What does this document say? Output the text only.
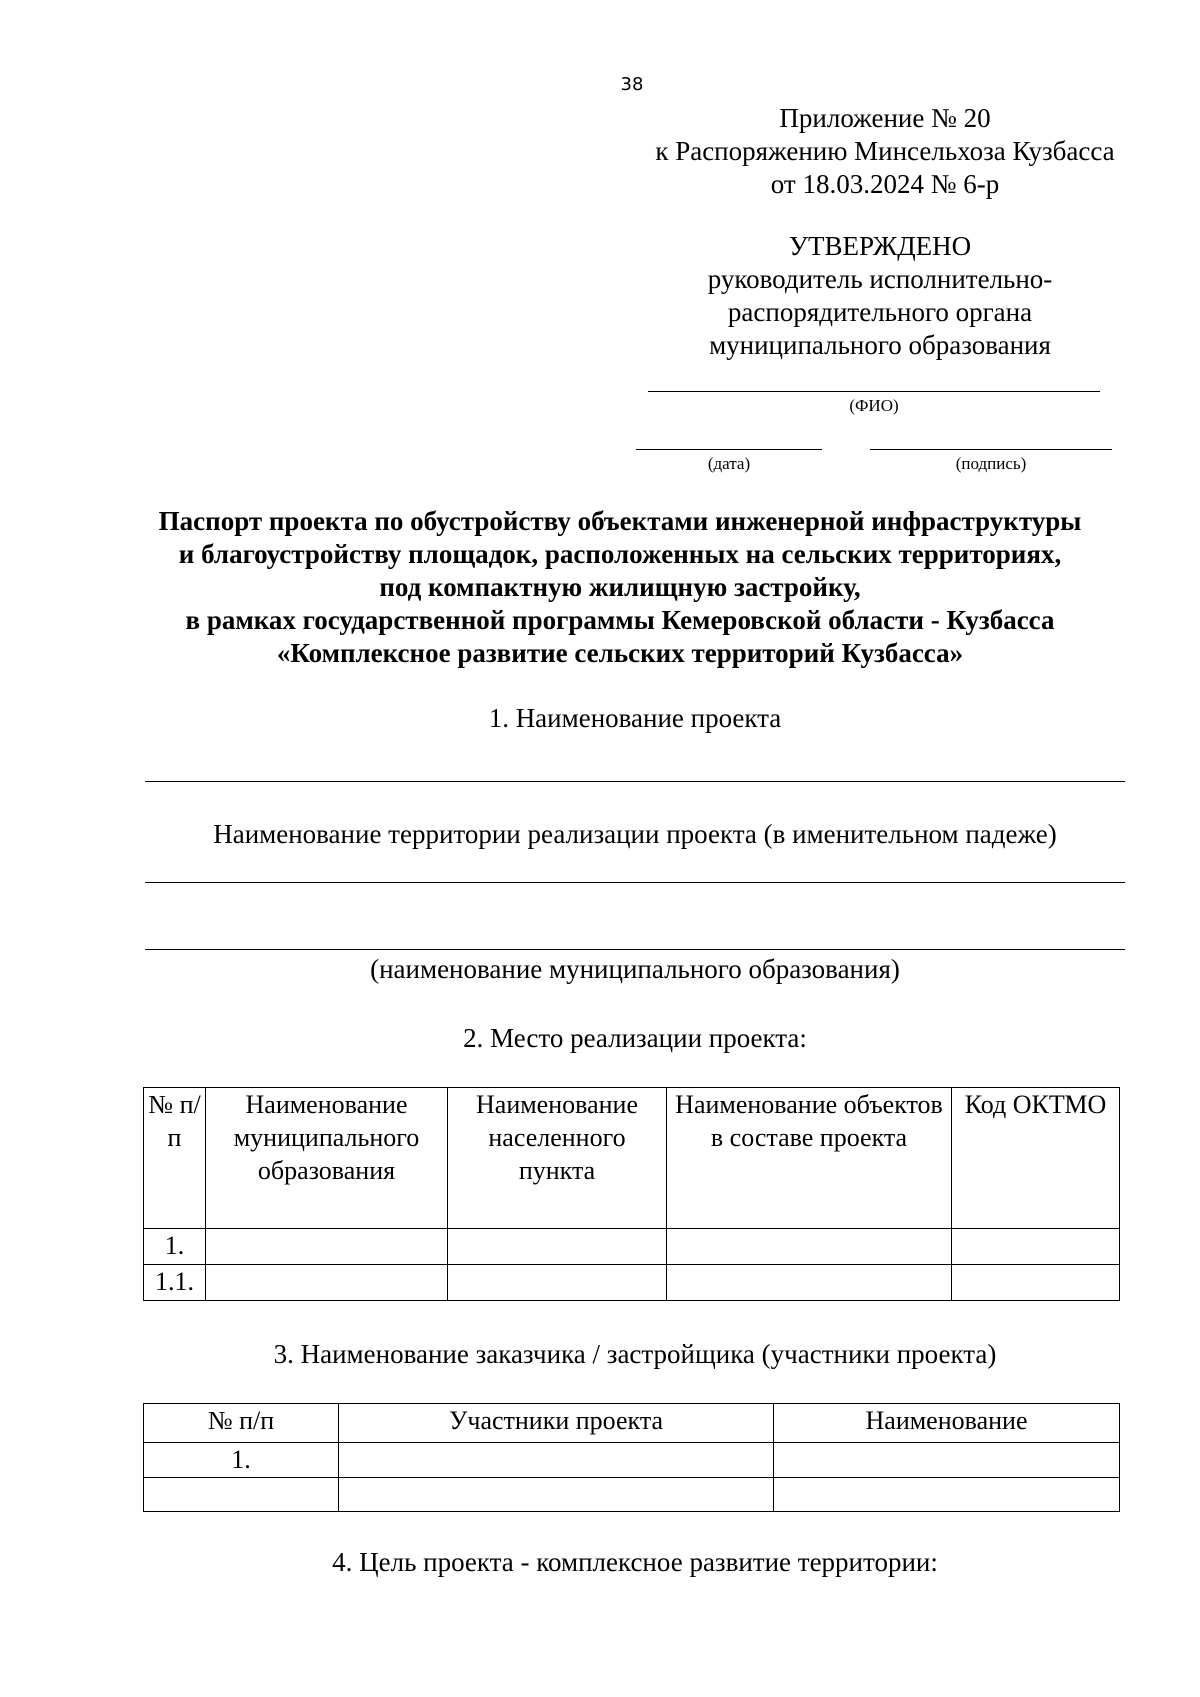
38
Приложение № 20
к Распоряжению Минсельхоза Кузбасса
от 18.03.2024 № 6-р
УТВЕРЖДЕНО
руководитель исполнительно-
распорядительного органа
муниципального образования
(ФИО)
(дата)	(подпись)
Паспорт проекта по обустройству объектами инженерной инфраструктуры
и благоустройству площадок, расположенных на сельских территориях,
под компактную жилищную застройку,
в рамках государственной программы Кемеровской области - Кузбасса
«Комплексное развитие сельских территорий Кузбасса»
1. Наименование проекта
Наименование территории реализации проекта (в именительном падеже)
(наименование муниципального образования)
2. Место реализации проекта:
№ п/п	Наименование муниципального образования	Наименование населенного пункта	Наименование объектов в составе проекта	Код ОКТМО
1.				
1.1.				
3. Наименование заказчика / застройщика (участники проекта)
№ п/п	Участники проекта	Наименование
1.		

4. Цель проекта - комплексное развитие территории:
